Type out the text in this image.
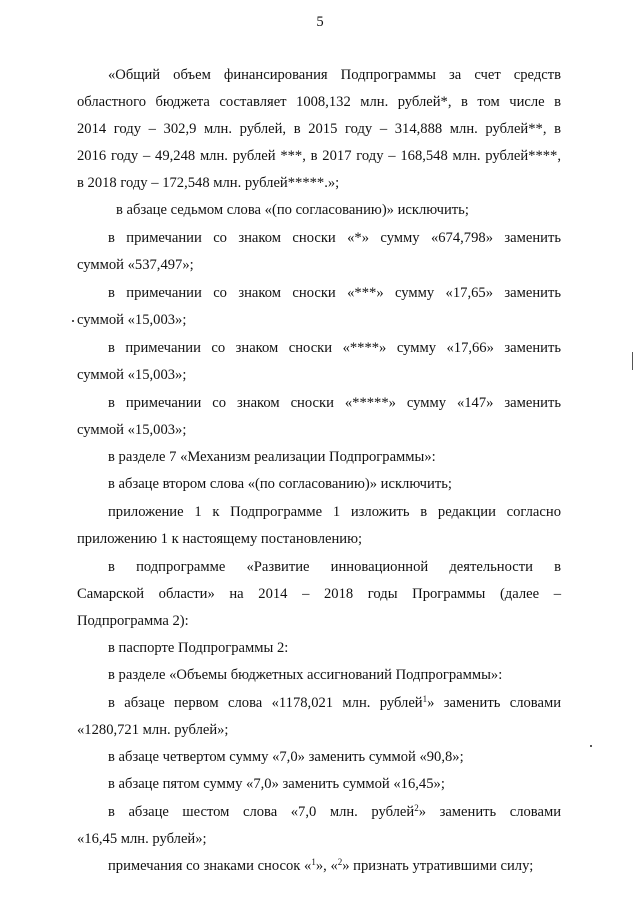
5
«Общий объем финансирования Подпрограммы за счет средств
областного бюджета составляет 1008,132 млн. рублей*, в том числе в
2014 году – 302,9 млн. рублей, в 2015 году – 314,888 млн. рублей**, в
2016 году – 49,248 млн. рублей ***, в 2017 году – 168,548 млн. рублей****,
в 2018 году – 172,548 млн. рублей*****.»;
в абзаце седьмом слова «(по согласованию)» исключить;
в примечании со знаком сноски «*» сумму «674,798» заменить
суммой «537,497»;
в примечании со знаком сноски «***» сумму «17,65» заменить
суммой «15,003»;
в примечании со знаком сноски «****» сумму «17,66» заменить
суммой «15,003»;
в примечании со знаком сноски «*****» сумму «147» заменить
суммой «15,003»;
в разделе 7 «Механизм реализации Подпрограммы»:
в абзаце втором слова «(по согласованию)» исключить;
приложение 1 к Подпрограмме 1 изложить в редакции согласно
приложению 1 к настоящему постановлению;
в подпрограмме «Развитие инновационной деятельности в
Самарской области» на 2014 – 2018 годы Программы (далее –
Подпрограмма 2):
в паспорте Подпрограммы 2:
в разделе «Объемы бюджетных ассигнований Подпрограммы»:
в абзаце первом слова «1178,021 млн. рублей$^1$» заменить словами
«1280,721 млн. рублей»;
в абзаце четвертом сумму «7,0» заменить суммой «90,8»;
в абзаце пятом сумму «7,0» заменить суммой «16,45»;
в абзаце шестом слова «7,0 млн. рублей$^2$» заменить словами
«16,45 млн. рублей»;
примечания со знаками сносок «$^1$», «$^2$» признать утратившими силу;
